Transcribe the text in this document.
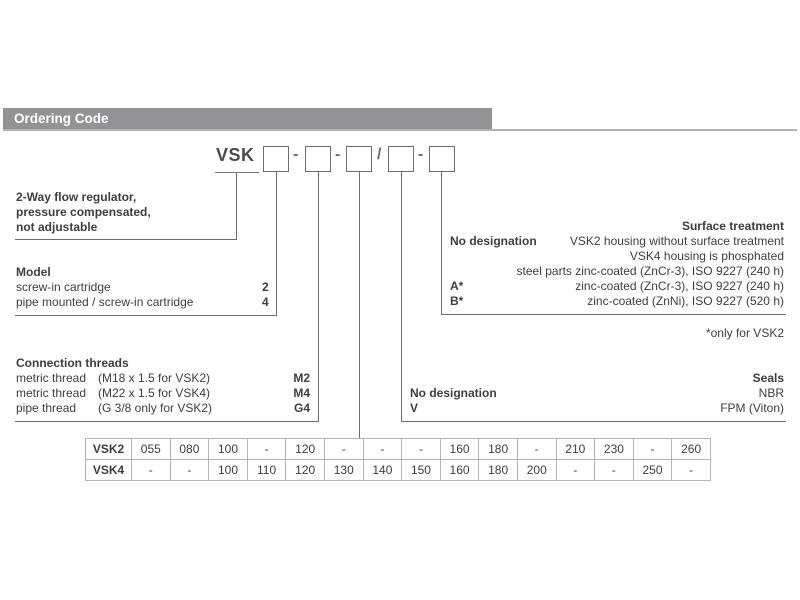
Ordering Code
VSK - - / -
2-Way flow regulator,
pressure compensated,
not adjustable
Model
screw-in cartridge	2
pipe mounted / screw-in cartridge	4
Connection threads
metric thread (M18 x 1.5 for VSK2)	M2
metric thread (M22 x 1.5 for VSK4)	M4
pipe thread (G 3/8 only for VSK2)	G4
Surface treatment
No designation	VSK2 housing without surface treatment
VSK4 housing is phosphated
steel parts zinc-coated (ZnCr-3), ISO 9227 (240 h)
A*	zinc-coated (ZnCr-3), ISO 9227 (240 h)
B*	zinc-coated (ZnNi), ISO 9227 (520 h)
*only for VSK2
Seals
No designation	NBR
V	FPM (Viton)
VSK2	055	080	100	-	120	-	-	-	160	180	-	210	230	-	260
VSK4	-	-	100	110	120	130	140	150	160	180	200	-	-	250	-
